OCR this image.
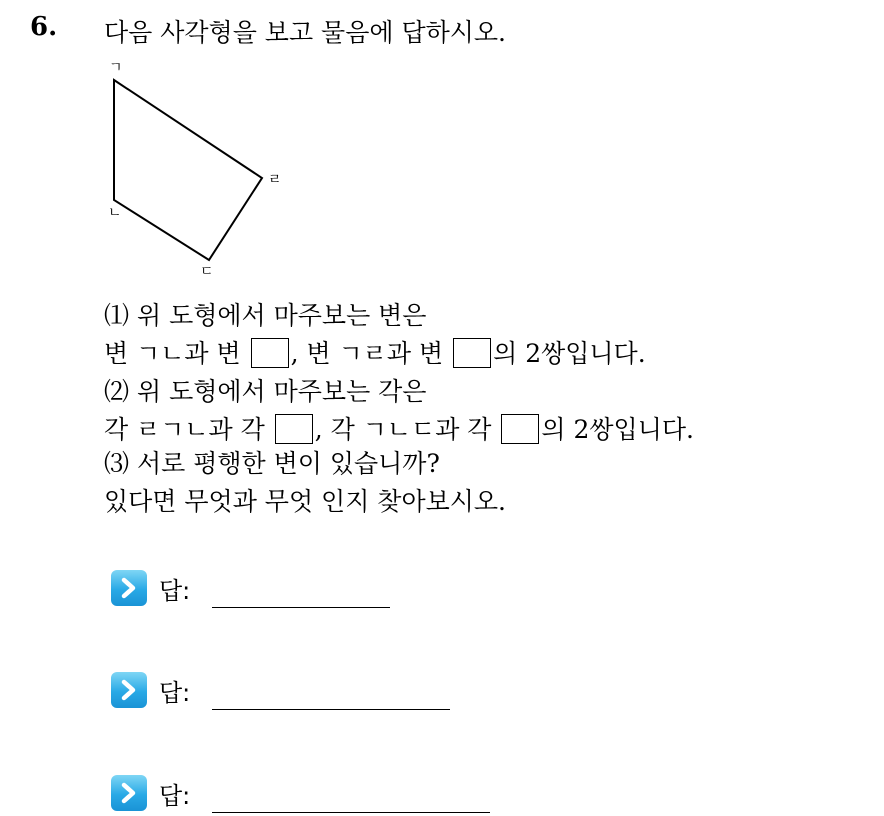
6. 다음 사각형을 보고 물음에 답하시오.
ㄱ
ㄴ
ㄷ
ㄹ
⑴ 위 도형에서 마주보는 변은
변 ㄱㄴ과 변 , 변 ㄱㄹ과 변 의 2쌍입니다.
⑵ 위 도형에서 마주보는 각은
각 ㄹㄱㄴ과 각 , 각 ㄱㄴㄷ과 각 의 2쌍입니다.
⑶ 서로 평행한 변이 있습니까?
있다면 무엇과 무엇 인지 찾아보시오.
답:
답:
답:
